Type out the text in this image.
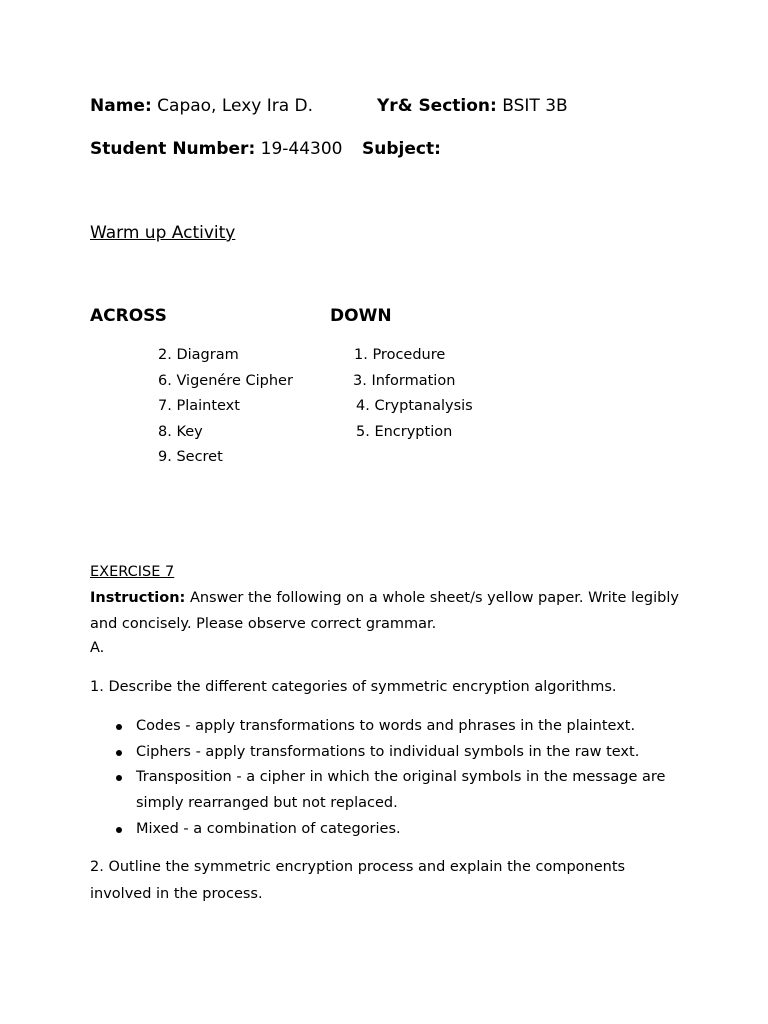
Name: Capao, Lexy Ira D.	Yr& Section: BSIT 3B
Student Number: 19-44300 Subject:
Warm up Activity
ACROSS	DOWN
2. Diagram
6. Vigenére Cipher
7. Plaintext
8. Key
9. Secret
1. Procedure
3. Information
4. Cryptanalysis
5. Encryption
EXERCISE 7
Instruction: Answer the following on a whole sheet/s yellow paper. Write legibly
and concisely. Please observe correct grammar.
A.
1. Describe the different categories of symmetric encryption algorithms.
Codes - apply transformations to words and phrases in the plaintext.
Ciphers - apply transformations to individual symbols in the raw text.
Transposition - a cipher in which the original symbols in the message are
simply rearranged but not replaced.
Mixed - a combination of categories.
2. Outline the symmetric encryption process and explain the components
involved in the process.
